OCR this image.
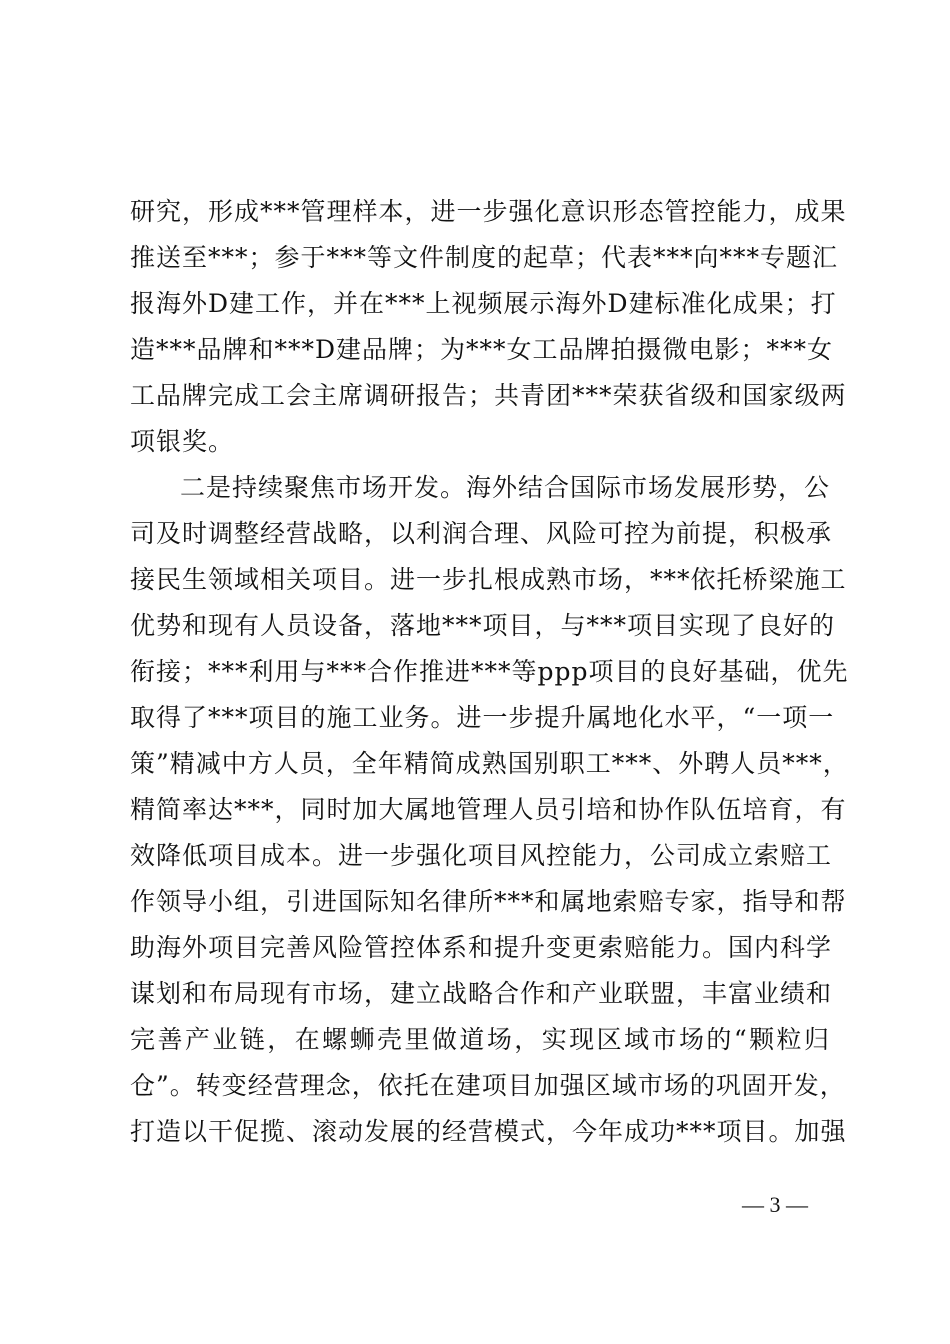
研究，形成***管理样本，进一步强化意识形态管控能力，成果
推送至***；参于***等文件制度的起草；代表***向***专题汇
报海外D建工作，并在***上视频展示海外D建标准化成果；打
造***品牌和***D建品牌；为***女工品牌拍摄微电影；***女
工品牌完成工会主席调研报告；共青团***荣获省级和国家级两
项银奖。
二是持续聚焦市场开发。海外结合国际市场发展形势，公
司及时调整经营战略，以利润合理、风险可控为前提，积极承
接民生领域相关项目。进一步扎根成熟市场，***依托桥梁施工
优势和现有人员设备，落地***项目，与***项目实现了良好的
衔接；***利用与***合作推进***等ppp项目的良好基础，优先
取得了***项目的施工业务。进一步提升属地化水平，“一项一
策”精减中方人员，全年精简成熟国别职工***、外聘人员***，
精简率达***，同时加大属地管理人员引培和协作队伍培育，有
效降低项目成本。进一步强化项目风控能力，公司成立索赔工
作领导小组，引进国际知名律所***和属地索赔专家，指导和帮
助海外项目完善风险管控体系和提升变更索赔能力。国内科学
谋划和布局现有市场，建立战略合作和产业联盟，丰富业绩和
完善产业链，在螺蛳壳里做道场，实现区域市场的“颗粒归
仓”。转变经营理念，依托在建项目加强区域市场的巩固开发，
打造以干促揽、滚动发展的经营模式，今年成功***项目。加强
— 3 —
